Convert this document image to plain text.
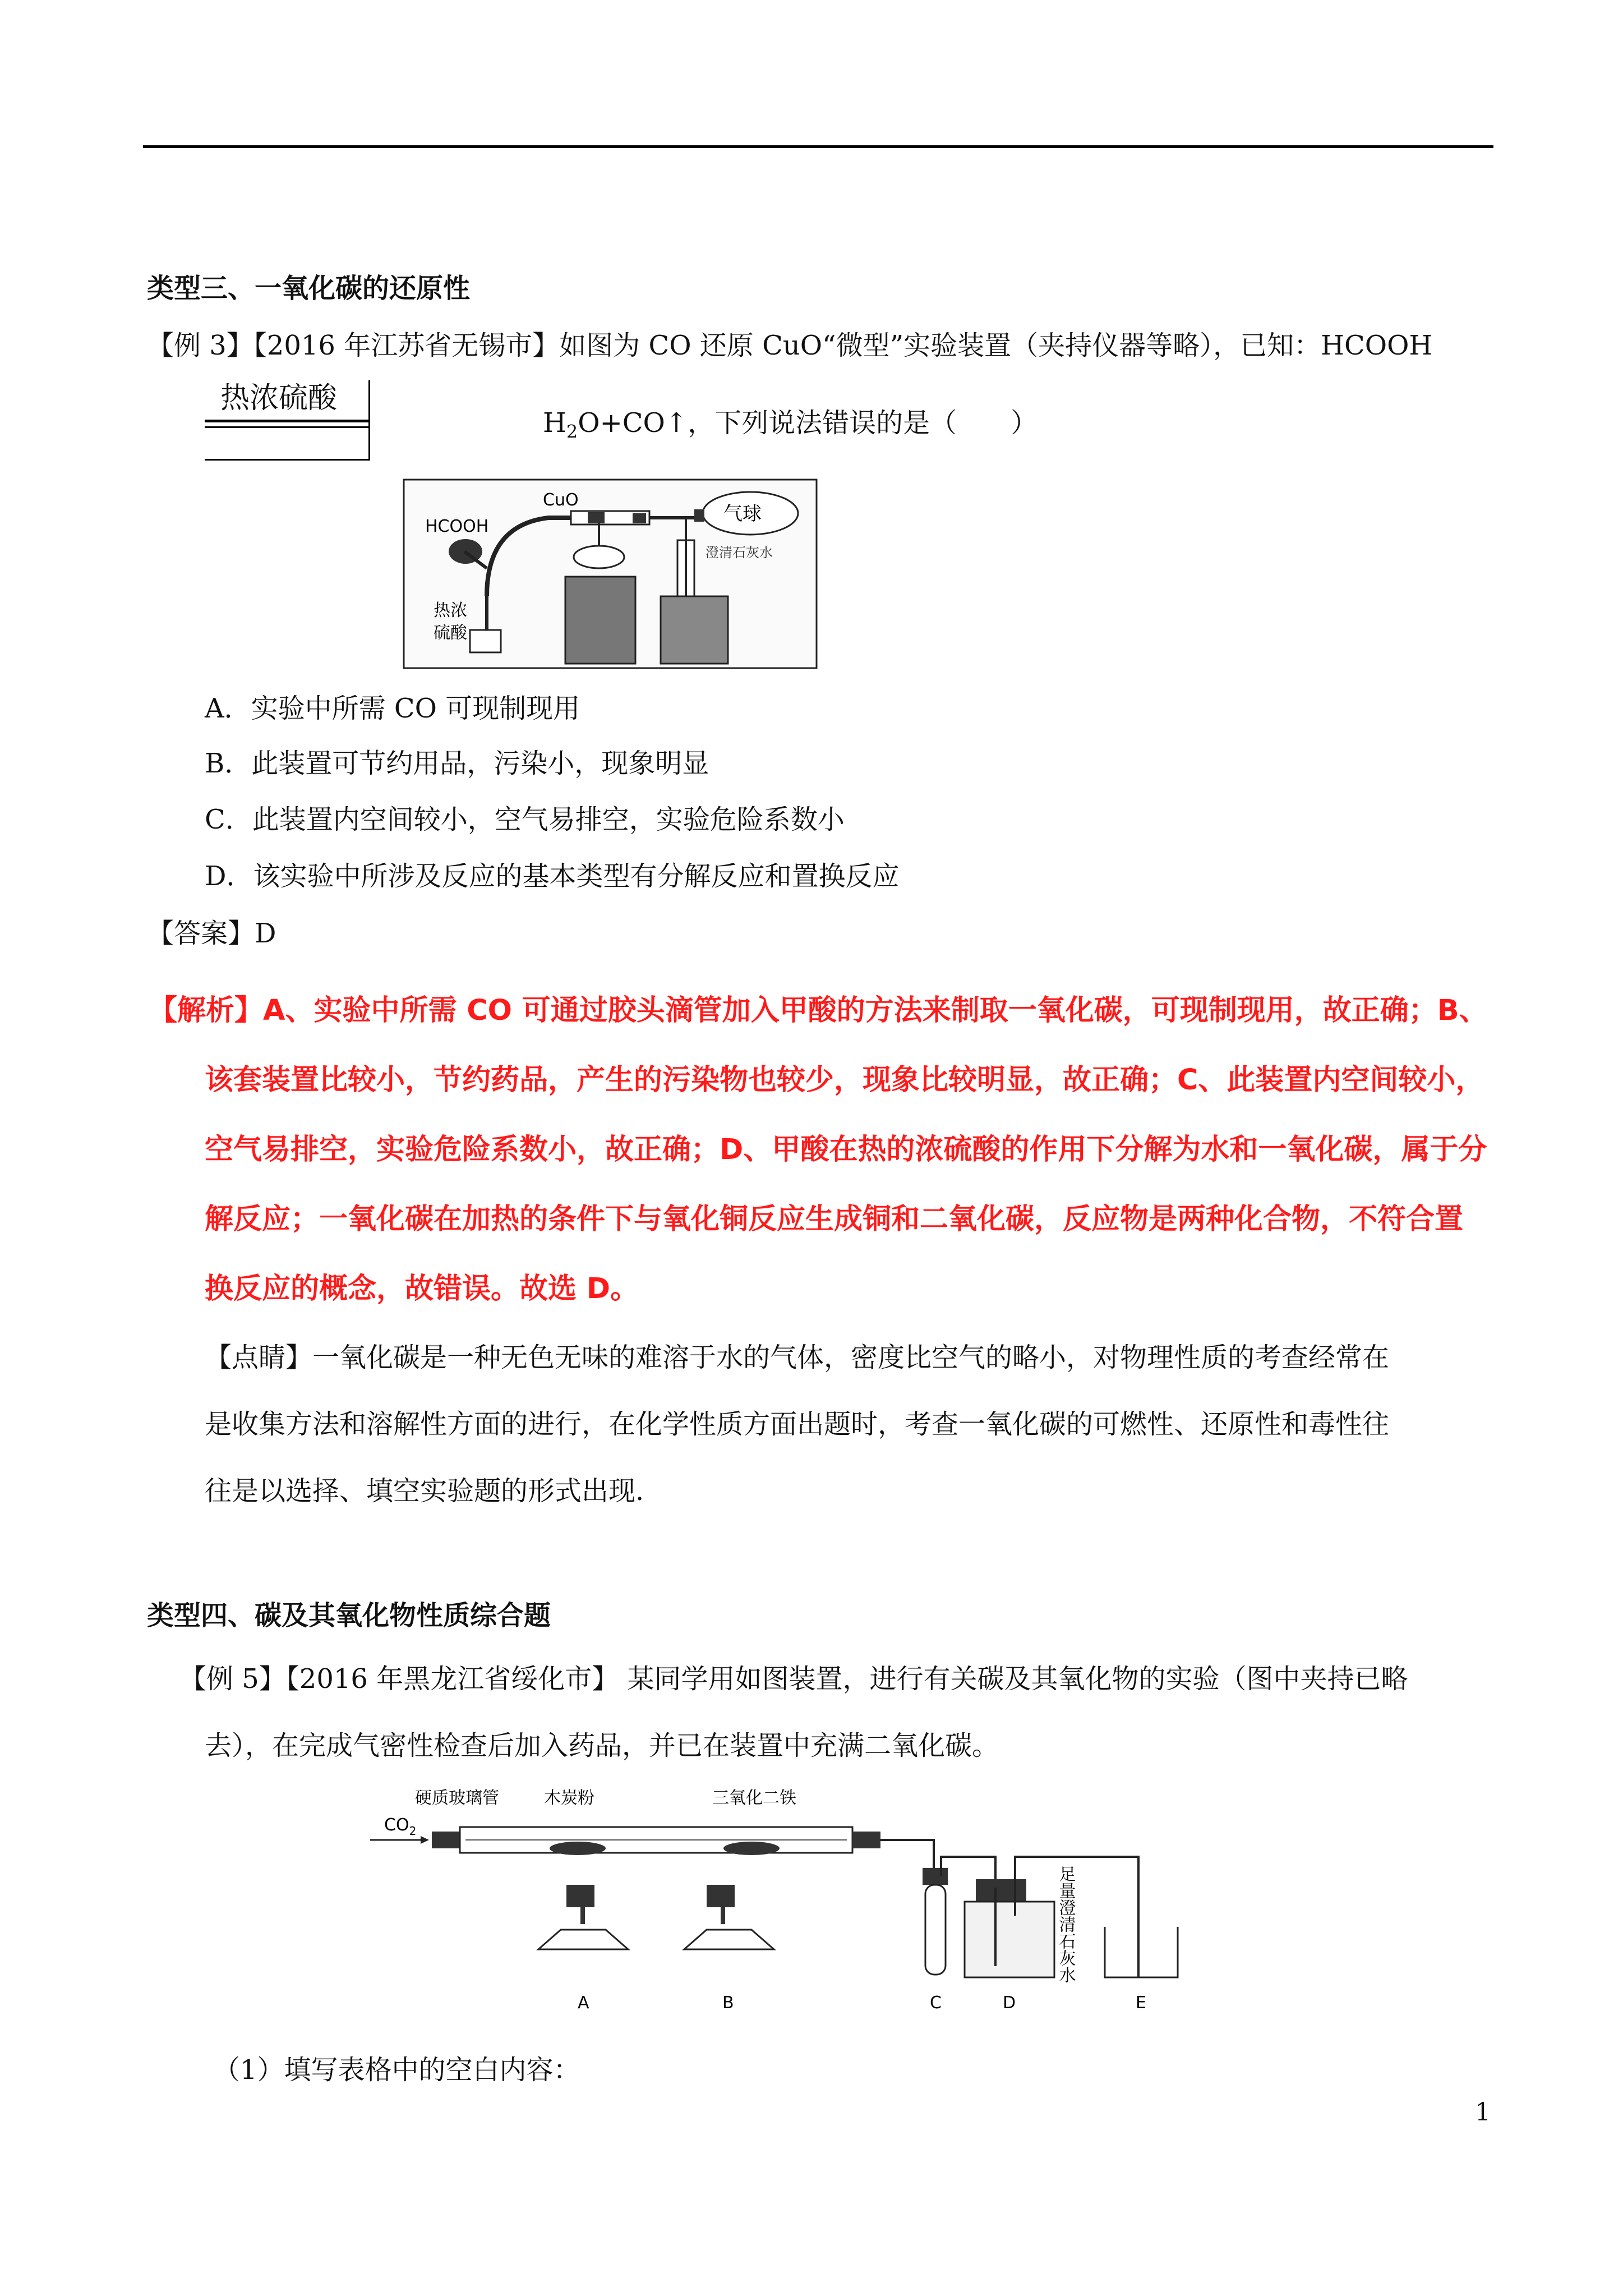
类型三、一氧化碳的还原性
【例 3】【2016 年江苏省无锡市】如图为 CO 还原 CuO“微型”实验装置（夹持仪器等略），已知：HCOOH
热浓硫酸
$H_2O+CO↑$，下列说法错误的是（　　）
CuO
HCOOH
气球
澄清石灰水
热浓
硫酸
A．实验中所需 CO 可现制现用
B．此装置可节约用品，污染小，现象明显
C．此装置内空间较小，空气易排空，实验危险系数小
D．该实验中所涉及反应的基本类型有分解反应和置换反应
【答案】D
【解析】A、实验中所需 CO 可通过胶头滴管加入甲酸的方法来制取一氧化碳，可现制现用，故正确；B、
该套装置比较小，节约药品，产生的污染物也较少，现象比较明显，故正确；C、此装置内空间较小，
空气易排空，实验危险系数小，故正确；D、甲酸在热的浓硫酸的作用下分解为水和一氧化碳，属于分
解反应；一氧化碳在加热的条件下与氧化铜反应生成铜和二氧化碳，反应物是两种化合物，不符合置
换反应的概念，故错误。故选 D。
【点睛】一氧化碳是一种无色无味的难溶于水的气体，密度比空气的略小，对物理性质的考查经常在
是收集方法和溶解性方面的进行，在化学性质方面出题时，考查一氧化碳的可燃性、还原性和毒性往
往是以选择、填空实验题的形式出现.
类型四、碳及其氧化物性质综合题
【例 5】【2016 年黑龙江省绥化市】 某同学用如图装置，进行有关碳及其氧化物的实验（图中夹持已略
去），在完成气密性检查后加入药品，并已在装置中充满二氧化碳。
硬质玻璃管	木炭粉	三氧化二铁
$CO_2$
足量澄清石灰水
A	B	C	D	E
（1）填写表格中的空白内容：
1
